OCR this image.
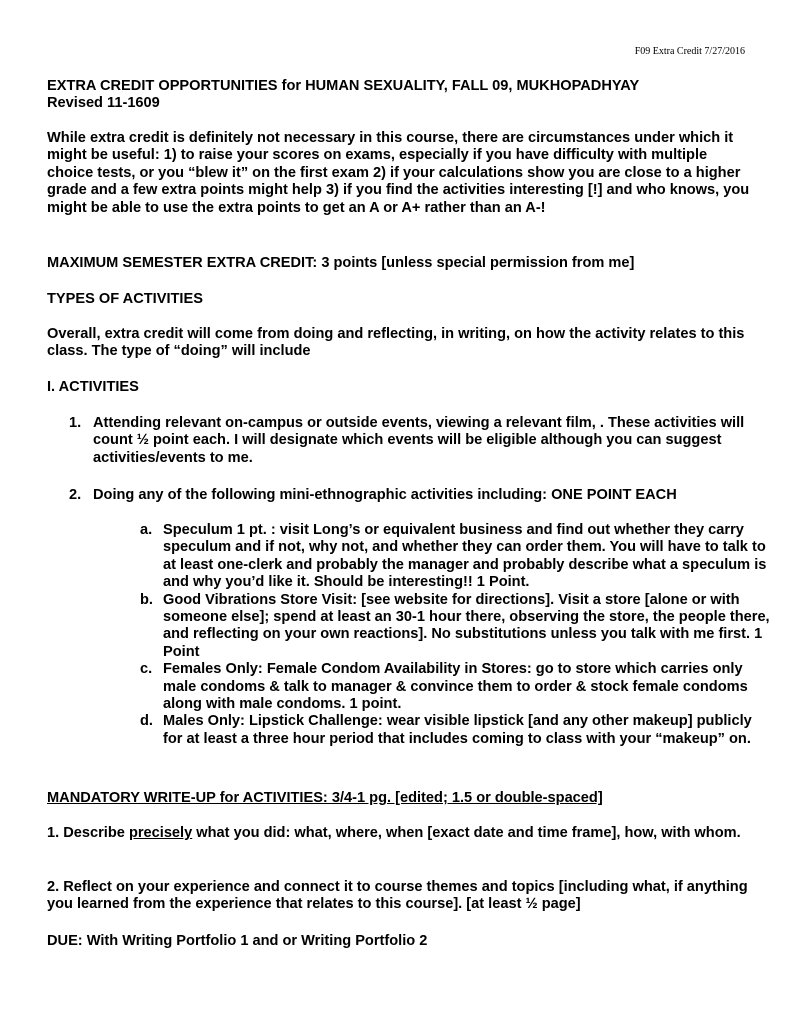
F09 Extra Credit 7/27/2016
EXTRA CREDIT OPPORTUNITIES for HUMAN SEXUALITY, FALL 09, MUKHOPADHYAY
Revised 11-1609

While extra credit is definitely not necessary in this course, there are circumstances under which it might be useful: 1) to raise your scores on exams, especially if you have difficulty with multiple choice tests, or you “blew it” on the first exam 2) if your calculations show you are close to a higher grade and a few extra points might help 3) if you find the activities interesting [!] and who knows, you might be able to use the extra points to get an A or A+ rather than an A-!

MAXIMUM SEMESTER EXTRA CREDIT: 3 points [unless special permission from me]

TYPES OF ACTIVITIES

Overall, extra credit will come from doing and reflecting, in writing, on how the activity relates to this class. The type of “doing” will include

I. ACTIVITIES

1. Attending relevant on-campus or outside events, viewing a relevant film, . These activities will count ½ point each. I will designate which events will be eligible although you can suggest activities/events to me.
2. Doing any of the following mini-ethnographic activities including: ONE POINT EACH
a. Speculum 1 pt. : visit Long’s or equivalent business and find out whether they carry speculum and if not, why not, and whether they can order them. You will have to talk to at least one-clerk and probably the manager and probably describe what a speculum is and why you’d like it. Should be interesting!! 1 Point.
b. Good Vibrations Store Visit: [see website for directions]. Visit a store [alone or with someone else]; spend at least an 30-1 hour there, observing the store, the people there, and reflecting on your own reactions]. No substitutions unless you talk with me first. 1 Point
c. Females Only: Female Condom Availability in Stores: go to store which carries only male condoms & talk to manager & convince them to order & stock female condoms along with male condoms. 1 point.
d. Males Only: Lipstick Challenge: wear visible lipstick [and any other makeup] publicly for at least a three hour period that includes coming to class with your “makeup” on.

MANDATORY WRITE-UP for ACTIVITIES: 3/4-1 pg. [edited; 1.5 or double-spaced]

1. Describe precisely what you did: what, where, when [exact date and time frame], how, with whom.

2. Reflect on your experience and connect it to course themes and topics [including what, if anything you learned from the experience that relates to this course]. [at least ½ page]

DUE: With Writing Portfolio 1 and or Writing Portfolio 2
